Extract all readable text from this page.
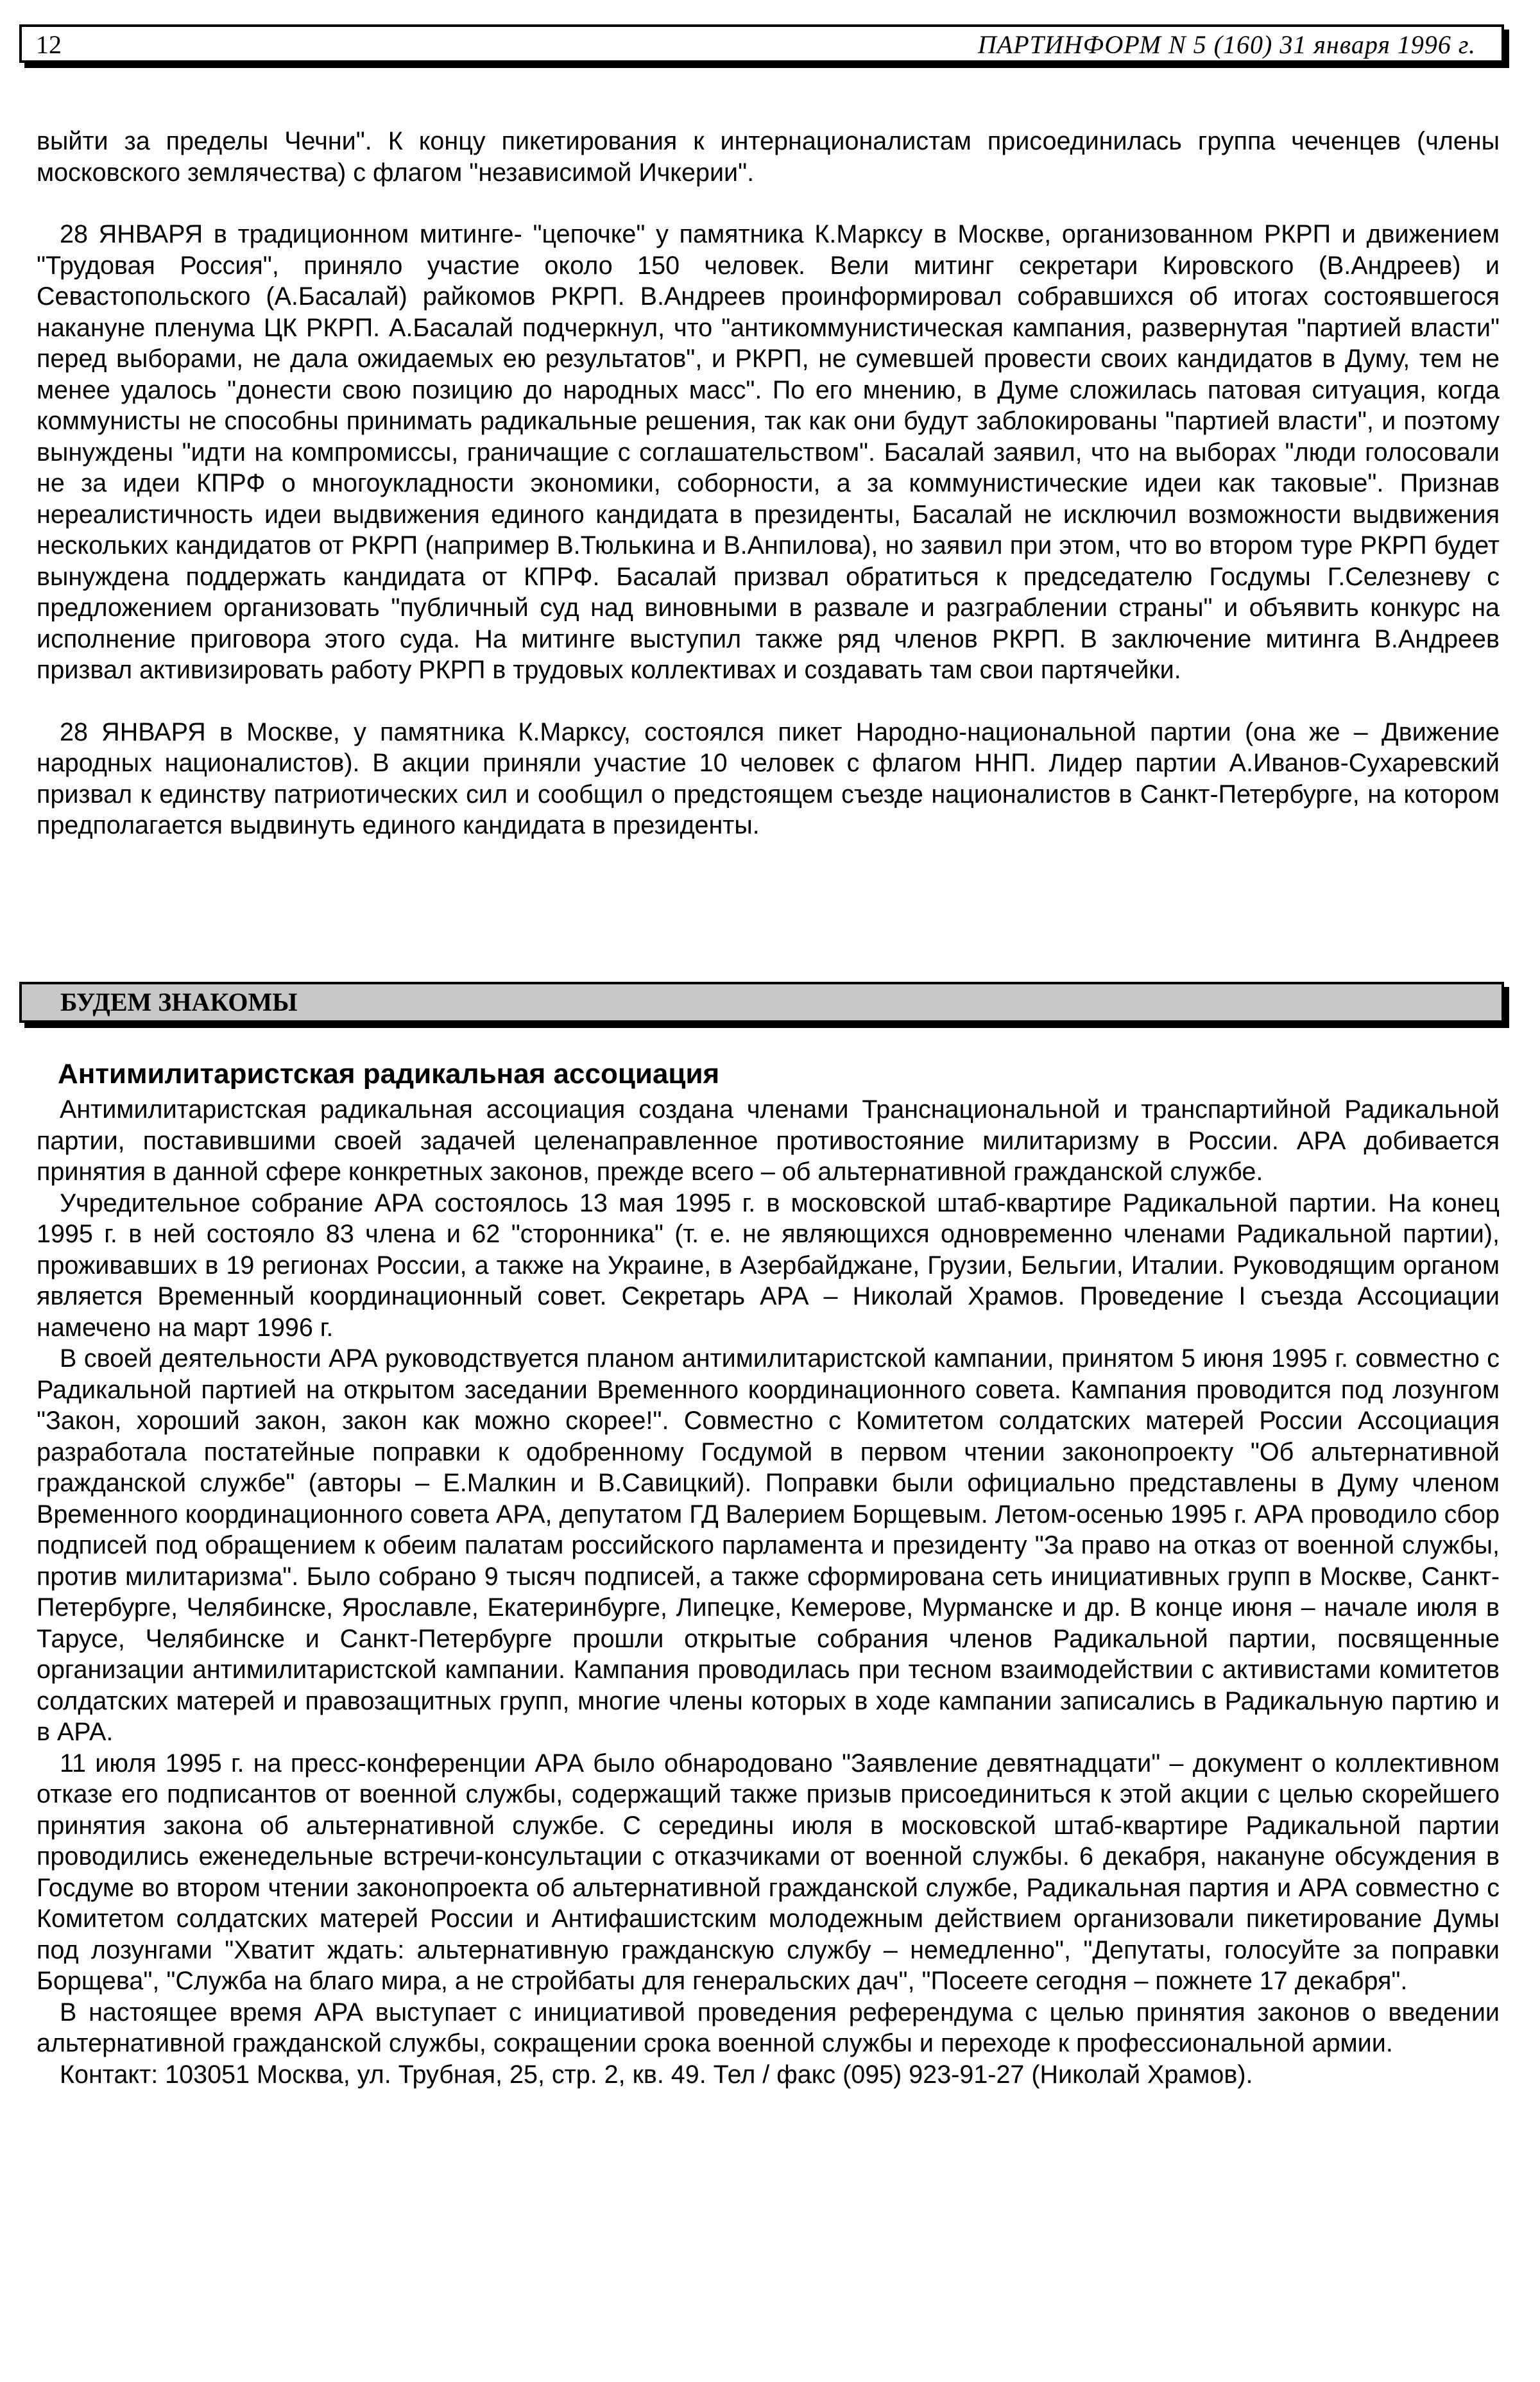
12	ПАРТИНФОРМ N 5 (160) 31 января 1996 г.

выйти за пределы Чечни". К концу пикетирования к интернационалистам присоединилась группа чеченцев (члены московского землячества) с флагом "независимой Ичкерии".

28 ЯНВАРЯ в традиционном митинге- "цепочке" у памятника К.Марксу в Москве, организованном РКРП и движением "Трудовая Россия", приняло участие около 150 человек. Вели митинг секретари Кировского (В.Андреев) и Севастопольского (А.Басалай) райкомов РКРП. В.Андреев проинформировал собравшихся об итогах состоявшегося накануне пленума ЦК РКРП. А.Басалай подчеркнул, что "антикоммунистическая кампания, развернутая "партией власти" перед выборами, не дала ожидаемых ею результатов", и РКРП, не сумевшей провести своих кандидатов в Думу, тем не менее удалось "донести свою позицию до народных масс". По его мнению, в Думе сложилась патовая ситуация, когда коммунисты не способны принимать радикальные решения, так как они будут заблокированы "партией власти", и поэтому вынуждены "идти на компромиссы, граничащие с соглашательством". Басалай заявил, что на выборах "люди голосовали не за идеи КПРФ о многоукладности экономики, соборности, а за коммунистические идеи как таковые". Признав нереалистичность идеи выдвижения единого кандидата в президенты, Басалай не исключил возможности выдвижения нескольких кандидатов от РКРП (например В.Тюлькина и В.Анпилова), но заявил при этом, что во втором туре РКРП будет вынуждена поддержать кандидата от КПРФ. Басалай призвал обратиться к председателю Госдумы Г.Селезневу с предложением организовать "публичный суд над виновными в развале и разграблении страны" и объявить конкурс на исполнение приговора этого суда. На митинге выступил также ряд членов РКРП. В заключение митинга В.Андреев призвал активизировать работу РКРП в трудовых коллективах и создавать там свои партячейки.

28 ЯНВАРЯ в Москве, у памятника К.Марксу, состоялся пикет Народно-национальной партии (она же – Движение народных националистов). В акции приняли участие 10 человек с флагом ННП. Лидер партии А.Иванов-Сухаревский призвал к единству патриотических сил и сообщил о предстоящем съезде националистов в Санкт-Петербурге, на котором предполагается выдвинуть единого кандидата в президенты.

БУДЕМ ЗНАКОМЫ
Антимилитаристская радикальная ассоциация

Антимилитаристская радикальная ассоциация создана членами Транснациональной и транспартийной Радикальной партии, поставившими своей задачей целенаправленное противостояние милитаризму в России. АРА добивается принятия в данной сфере конкретных законов, прежде всего – об альтернативной гражданской службе.

Учредительное собрание АРА состоялось 13 мая 1995 г. в московской штаб-квартире Радикальной партии. На конец 1995 г. в ней состояло 83 члена и 62 "сторонника" (т. е. не являющихся одновременно членами Радикальной партии), проживавших в 19 регионах России, а также на Украине, в Азербайджане, Грузии, Бельгии, Италии. Руководящим органом является Временный координационный совет. Секретарь АРА – Николай Храмов. Проведение I съезда Ассоциации намечено на март 1996 г.

В своей деятельности АРА руководствуется планом антимилитаристской кампании, принятом 5 июня 1995 г. совместно с Радикальной партией на открытом заседании Временного координационного совета. Кампания проводится под лозунгом "Закон, хороший закон, закон как можно скорее!". Совместно с Комитетом солдатских матерей России Ассоциация разработала постатейные поправки к одобренному Госдумой в первом чтении законопроекту "Об альтернативной гражданской службе" (авторы – Е.Малкин и В.Савицкий). Поправки были официально представлены в Думу членом Временного координационного совета АРА, депутатом ГД Валерием Борщевым. Летом-осенью 1995 г. АРА проводило сбор подписей под обращением к обеим палатам российского парламента и президенту "За право на отказ от военной службы, против милитаризма". Было собрано 9 тысяч подписей, а также сформирована сеть инициативных групп в Москве, Санкт-Петербурге, Челябинске, Ярославле, Екатеринбурге, Липецке, Кемерове, Мурманске и др. В конце июня – начале июля в Тарусе, Челябинске и Санкт-Петербурге прошли открытые собрания членов Радикальной партии, посвященные организации антимилитаристской кампании. Кампания проводилась при тесном взаимодействии с активистами комитетов солдатских матерей и правозащитных групп, многие члены которых в ходе кампании записались в Радикальную партию и в АРА.

11 июля 1995 г. на пресс-конференции АРА было обнародовано "Заявление девятнадцати" – документ о коллективном отказе его подписантов от военной службы, содержащий также призыв присоединиться к этой акции с целью скорейшего принятия закона об альтернативной службе. С середины июля в московской штаб-квартире Радикальной партии проводились еженедельные встречи-консультации с отказчиками от военной службы. 6 декабря, накануне обсуждения в Госдуме во втором чтении законопроекта об альтернативной гражданской службе, Радикальная партия и АРА совместно с Комитетом солдатских матерей России и Антифашистским молодежным действием организовали пикетирование Думы под лозунгами "Хватит ждать: альтернативную гражданскую службу – немедленно", "Депутаты, голосуйте за поправки Борщева", "Служба на благо мира, а не стройбаты для генеральских дач", "Посеете сегодня – пожнете 17 декабря".

В настоящее время АРА выступает с инициативой проведения референдума с целью принятия законов о введении альтернативной гражданской службы, сокращении срока военной службы и переходе к профессиональной армии.

Контакт: 103051 Москва, ул. Трубная, 25, стр. 2, кв. 49. Тел / факс (095) 923-91-27 (Николай Храмов).
